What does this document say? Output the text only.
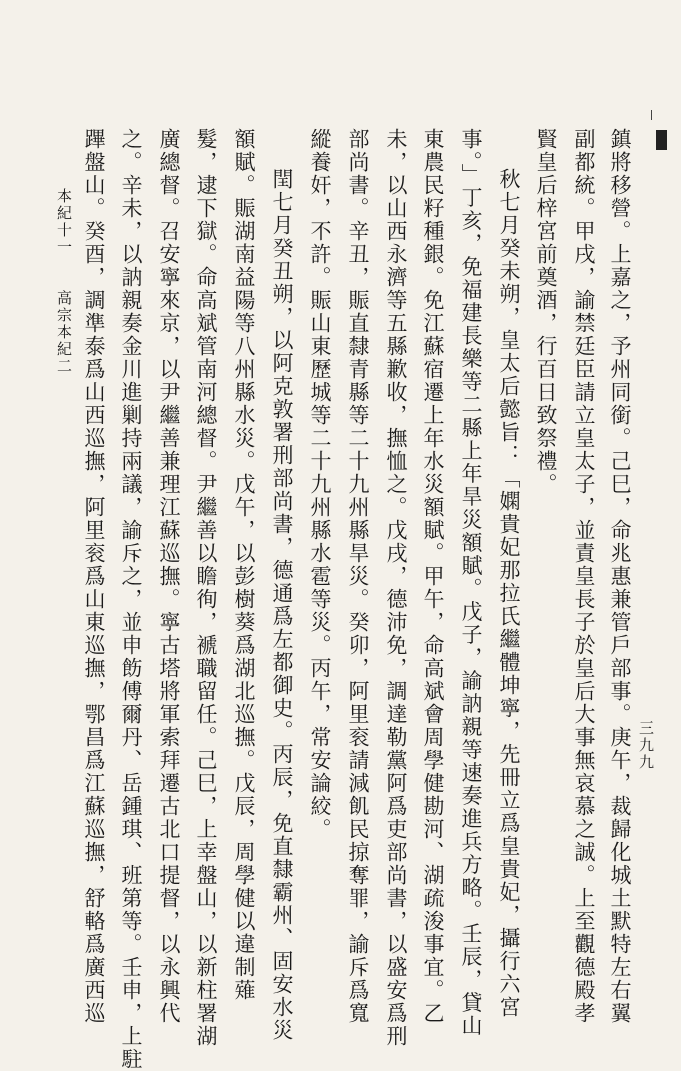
鎮將移營。上嘉之，予州同銜。己巳，命兆惠兼管戶部事。庚午，裁歸化城土默特左右翼
副都統。甲戌，諭禁廷臣請立皇太子，並責皇長子於皇后大事無哀慕之誠。上至觀德殿孝
賢皇后梓宮前奠酒，行百日致祭禮。
秋七月癸未朔，皇太后懿旨：「嫻貴妃那拉氏繼體坤寧，先冊立爲皇貴妃，攝行六宮
事。」丁亥，免福建長樂等二縣上年旱災額賦。戊子，諭訥親等速奏進兵方略。壬辰，貸山
東農民籽種銀。免江蘇宿遷上年水災額賦。甲午，命高斌會周學健勘河、湖疏浚事宜。乙
未，以山西永濟等五縣歉收，撫恤之。戊戌，德沛免，調達勒黨阿爲吏部尚書，以盛安爲刑
部尚書。辛丑，賑直隸青縣等二十九州縣旱災。癸卯，阿里衮請減飢民掠奪罪，諭斥爲寬
縱養奸，不許。賑山東歷城等二十九州縣水雹等災。丙午，常安論絞。
閏七月癸丑朔，以阿克敦署刑部尚書，德通爲左都御史。丙辰，免直隸霸州、固安水災
額賦。賑湖南益陽等八州縣水災。戊午，以彭樹葵爲湖北巡撫。戊辰，周學健以違制薙
髮，逮下獄。命高斌管南河總督。尹繼善以瞻徇，褫職留任。己巳，上幸盤山，以新柱署湖
廣總督。召安寧來京，以尹繼善兼理江蘇巡撫。寧古塔將軍索拜遷古北口提督，以永興代
之。辛未，以訥親奏金川進剿持兩議，諭斥之，並申飭傅爾丹、岳鍾琪、班第等。壬申，上駐
蹕盤山。癸酉，調準泰爲山西巡撫，阿里衮爲山東巡撫，鄂昌爲江蘇巡撫，舒輅爲廣西巡
本紀十一　　高宗本紀二
三九九
